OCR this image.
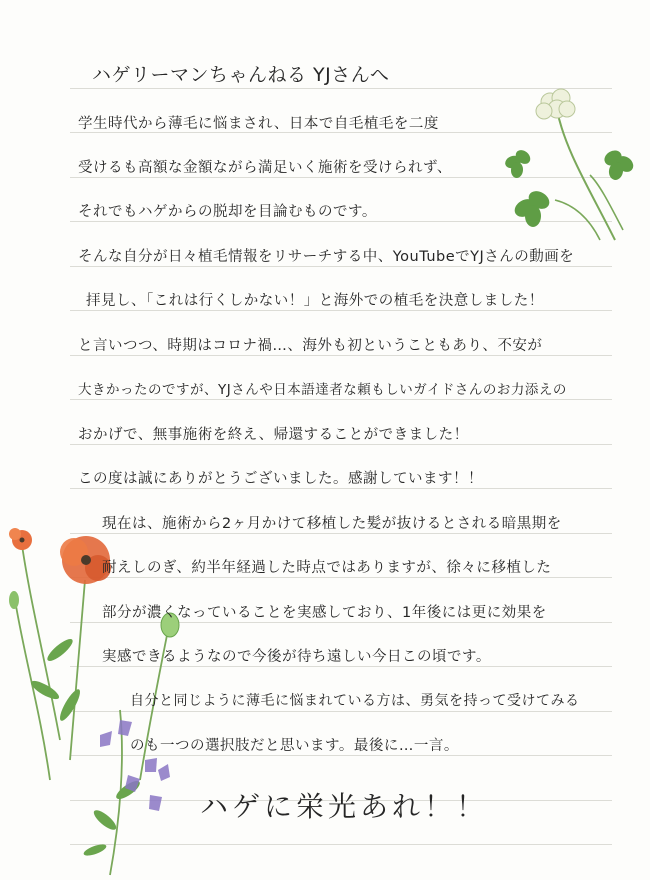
ハゲリーマンちゃんねる YJさんへ
学生時代から薄毛に悩まされ、日本で自毛植毛を二度
受けるも高額な金額ながら満足いく施術を受けられず、
それでもハゲからの脱却を目論むものです。
そんな自分が日々植毛情報をリサーチする中、YouTubeでYJさんの動画を
拝見し、「これは行くしかない！」と海外での植毛を決意しました！
と言いつつ、時期はコロナ禍…、海外も初ということもあり、不安が
大きかったのですが、YJさんや日本語達者な頼もしいガイドさんのお力添えの
おかげで、無事施術を終え、帰還することができました！
この度は誠にありがとうございました。感謝しています！！
現在は、施術から2ヶ月かけて移植した髪が抜けるとされる暗黒期を
耐えしのぎ、約半年経過した時点ではありますが、徐々に移植した
部分が濃くなっていることを実感しており、1年後には更に効果を
実感できるようなので今後が待ち遠しい今日この頃です。
自分と同じように薄毛に悩まれている方は、勇気を持って受けてみる
のも一つの選択肢だと思います。最後に…一言。
ハゲに栄光あれ！！
